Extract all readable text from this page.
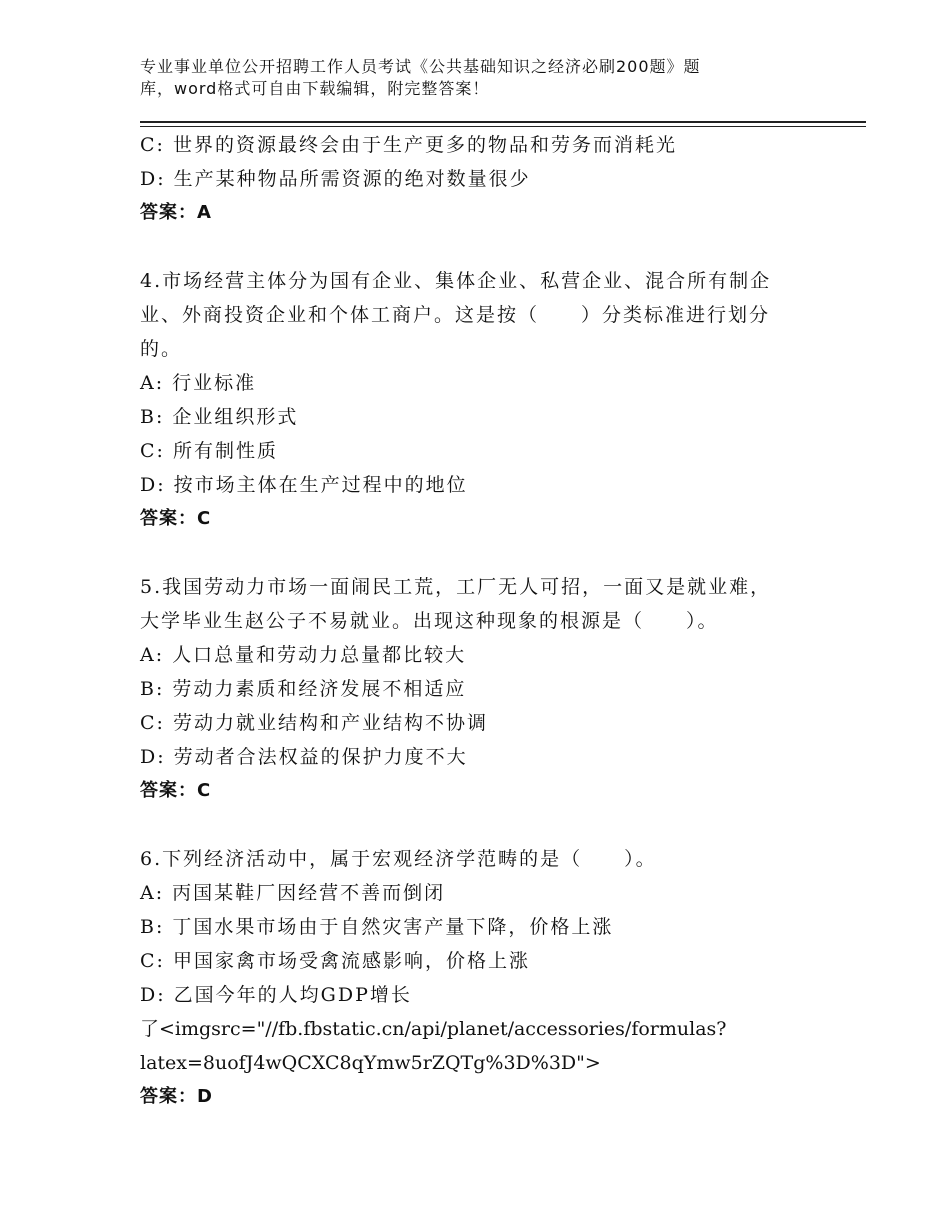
专业事业单位公开招聘工作人员考试《公共基础知识之经济必刷200题》题
库，word格式可自由下载编辑，附完整答案！
C: 世界的资源最终会由于生产更多的物品和劳务而消耗光
D: 生产某种物品所需资源的绝对数量很少
答案：A
4.市场经营主体分为国有企业、集体企业、私营企业、混合所有制企
业、外商投资企业和个体工商户。这是按（　　）分类标准进行划分
的。
A: 行业标准
B: 企业组织形式
C: 所有制性质
D: 按市场主体在生产过程中的地位
答案：C
5.我国劳动力市场一面闹民工荒，工厂无人可招，一面又是就业难，
大学毕业生赵公子不易就业。出现这种现象的根源是（　　）。
A: 人口总量和劳动力总量都比较大
B: 劳动力素质和经济发展不相适应
C: 劳动力就业结构和产业结构不协调
D: 劳动者合法权益的保护力度不大
答案：C
6.下列经济活动中，属于宏观经济学范畴的是（　　）。
A: 丙国某鞋厂因经营不善而倒闭
B: 丁国水果市场由于自然灾害产量下降，价格上涨
C: 甲国家禽市场受禽流感影响，价格上涨
D: 乙国今年的人均GDP增长
了<imgsrc="//fb.fbstatic.cn/api/planet/accessories/formulas?
latex=8uofJ4wQCXC8qYmw5rZQTg%3D%3D">
答案：D
